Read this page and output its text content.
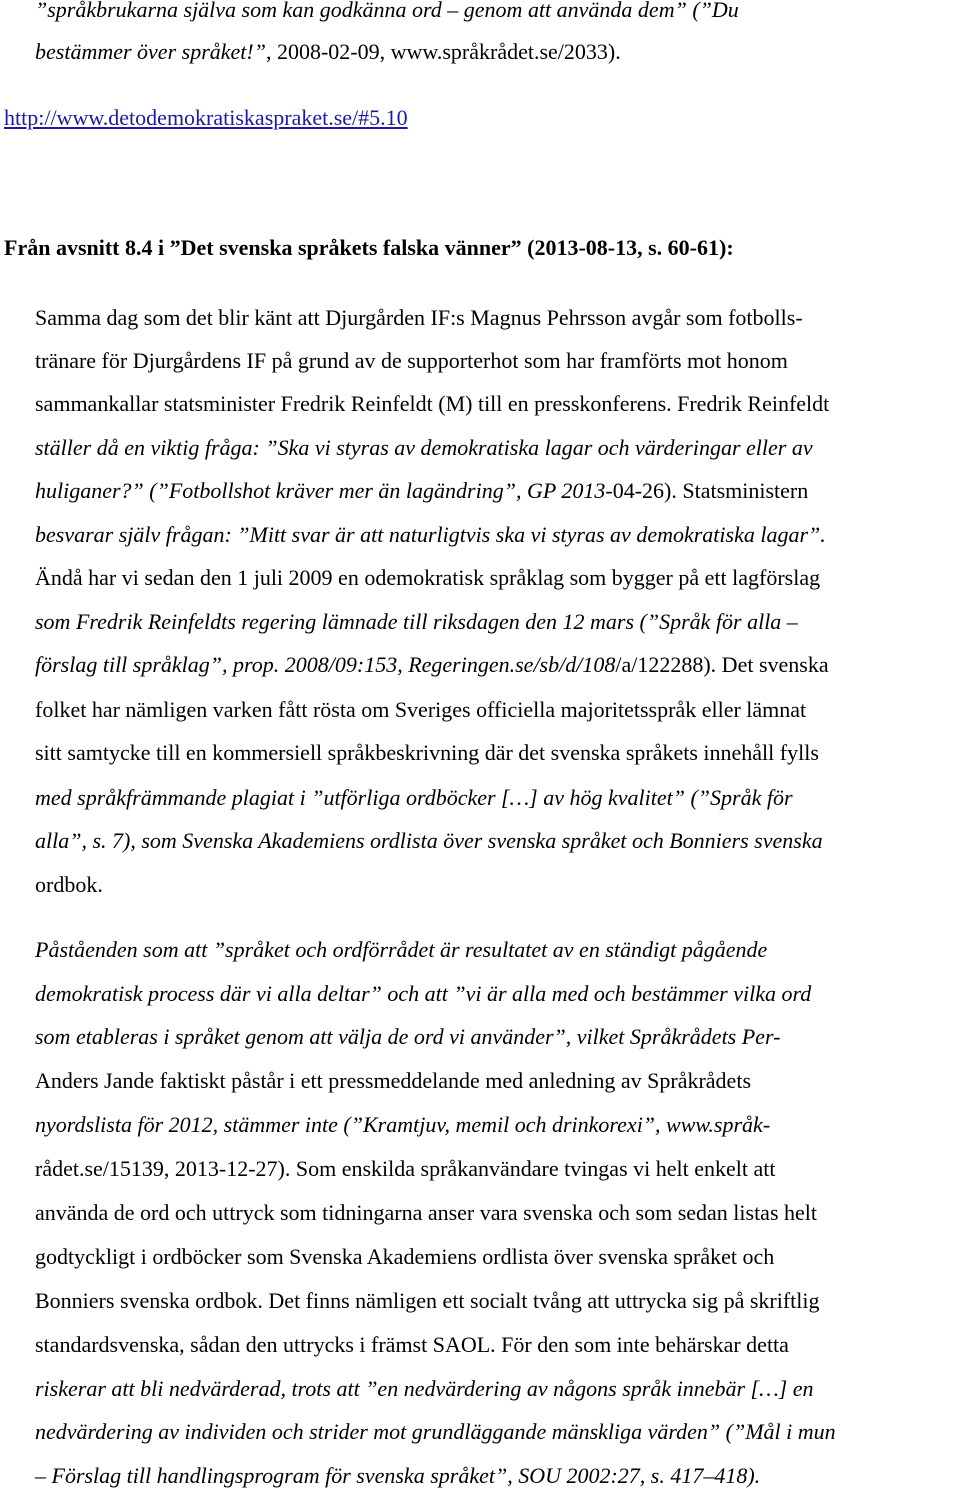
”språkbrukarna själva som kan godkänna ord – genom att använda dem” (”Du
bestämmer över språket!”, 2008-02-09, www.språkrådet.se/2033).
http://www.detodemokratiskaspraket.se/#5.10
Från avsnitt 8.4 i ”Det svenska språkets falska vänner” (2013-08-13, s. 60-61):
Samma dag som det blir känt att Djurgården IF:s Magnus Pehrsson avgår som fotbolls-
tränare för Djurgårdens IF på grund av de supporterhot som har framförts mot honom
sammankallar statsminister Fredrik Reinfeldt (M) till en presskonferens. Fredrik Reinfeldt
ställer då en viktig fråga: ”Ska vi styras av demokratiska lagar och värderingar eller av
huliganer?” (”Fotbollshot kräver mer än lagändring”, GP 2013-04-26). Statsministern
besvarar själv frågan: ”Mitt svar är att naturligtvis ska vi styras av demokratiska lagar”.
Ändå har vi sedan den 1 juli 2009 en odemokratisk språklag som bygger på ett lagförslag
som Fredrik Reinfeldts regering lämnade till riksdagen den 12 mars (”Språk för alla –
förslag till språklag”, prop. 2008/09:153, Regeringen.se/sb/d/108/a/122288). Det svenska
folket har nämligen varken fått rösta om Sveriges officiella majoritetsspråk eller lämnat
sitt samtycke till en kommersiell språkbeskrivning där det svenska språkets innehåll fylls
med språkfrämmande plagiat i ”utförliga ordböcker […] av hög kvalitet” (”Språk för
alla”, s. 7), som Svenska Akademiens ordlista över svenska språket och Bonniers svenska
ordbok.
Påståenden som att ”språket och ordförrådet är resultatet av en ständigt pågående
demokratisk process där vi alla deltar” och att ”vi är alla med och bestämmer vilka ord
som etableras i språket genom att välja de ord vi använder”, vilket Språkrådets Per-
Anders Jande faktiskt påstår i ett pressmeddelande med anledning av Språkrådets
nyordslista för 2012, stämmer inte (”Kramtjuv, memil och drinkorexi”, www.språk-
rådet.se/15139, 2013-12-27). Som enskilda språkanvändare tvingas vi helt enkelt att
använda de ord och uttryck som tidningarna anser vara svenska och som sedan listas helt
godtyckligt i ordböcker som Svenska Akademiens ordlista över svenska språket och
Bonniers svenska ordbok. Det finns nämligen ett socialt tvång att uttrycka sig på skriftlig
standardsvenska, sådan den uttrycks i främst SAOL. För den som inte behärskar detta
riskerar att bli nedvärderad, trots att ”en nedvärdering av någons språk innebär […] en
nedvärdering av individen och strider mot grundläggande mänskliga värden” (”Mål i mun
– Förslag till handlingsprogram för svenska språket”, SOU 2002:27, s. 417–418).
